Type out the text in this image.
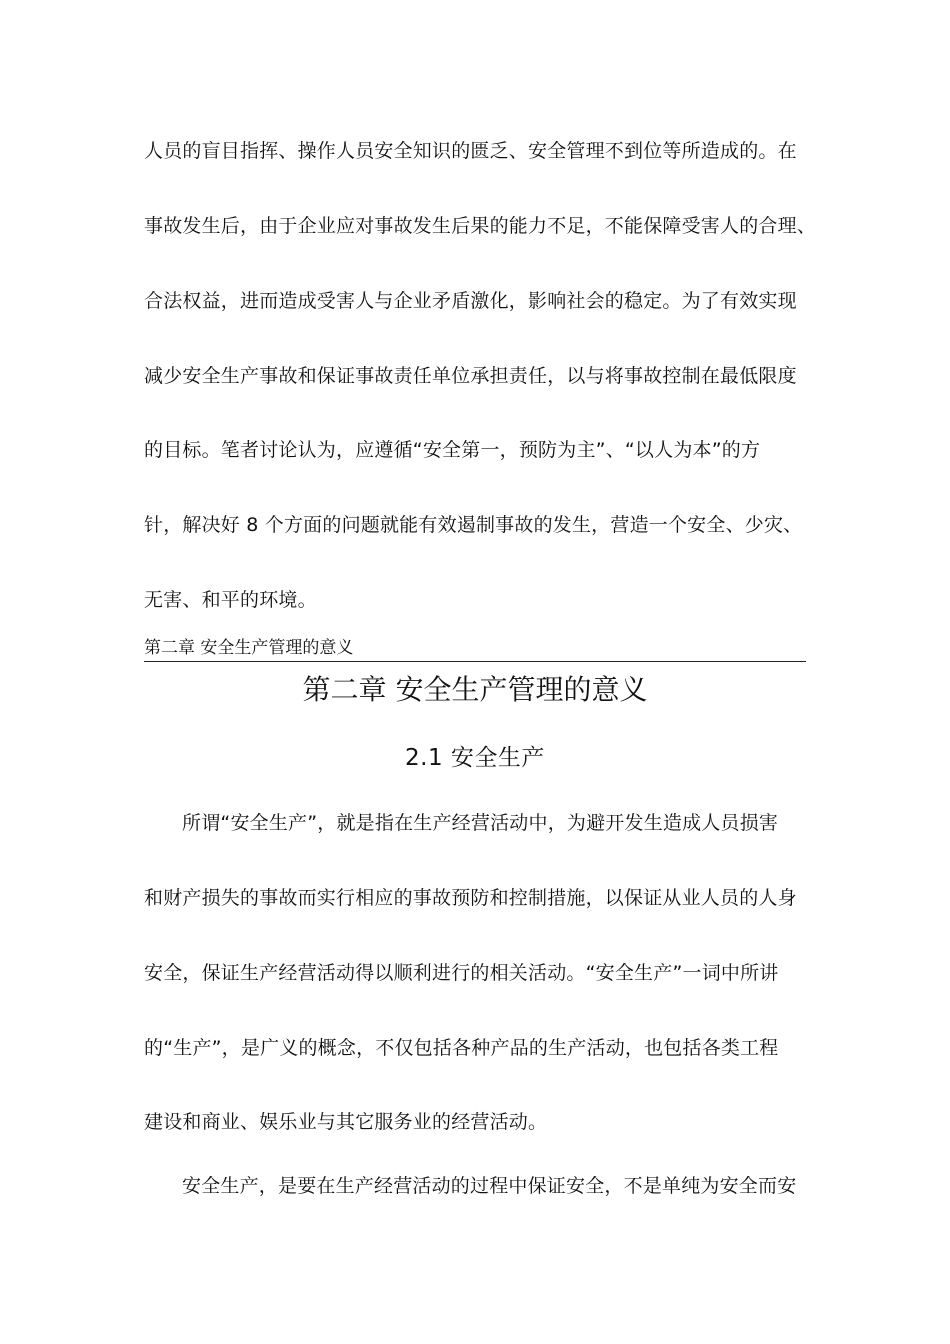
人员的盲目指挥、操作人员安全知识的匮乏、安全管理不到位等所造成的。在
事故发生后，由于企业应对事故发生后果的能力不足，不能保障受害人的合理、
合法权益，进而造成受害人与企业矛盾激化，影响社会的稳定。为了有效实现
减少安全生产事故和保证事故责任单位承担责任，以与将事故控制在最低限度
的目标。笔者讨论认为，应遵循“安全第一，预防为主”、“以人为本”的方
针，解决好 8 个方面的问题就能有效遏制事故的发生，营造一个安全、少灾、
无害、和平的环境。
第二章 安全生产管理的意义
第二章 安全生产管理的意义
2.1 安全生产
所谓“安全生产”，就是指在生产经营活动中，为避开发生造成人员损害
和财产损失的事故而实行相应的事故预防和控制措施，以保证从业人员的人身
安全，保证生产经营活动得以顺利进行的相关活动。“安全生产”一词中所讲
的“生产”，是广义的概念，不仅包括各种产品的生产活动，也包括各类工程
建设和商业、娱乐业与其它服务业的经营活动。
安全生产，是要在生产经营活动的过程中保证安全，不是单纯为安全而安
